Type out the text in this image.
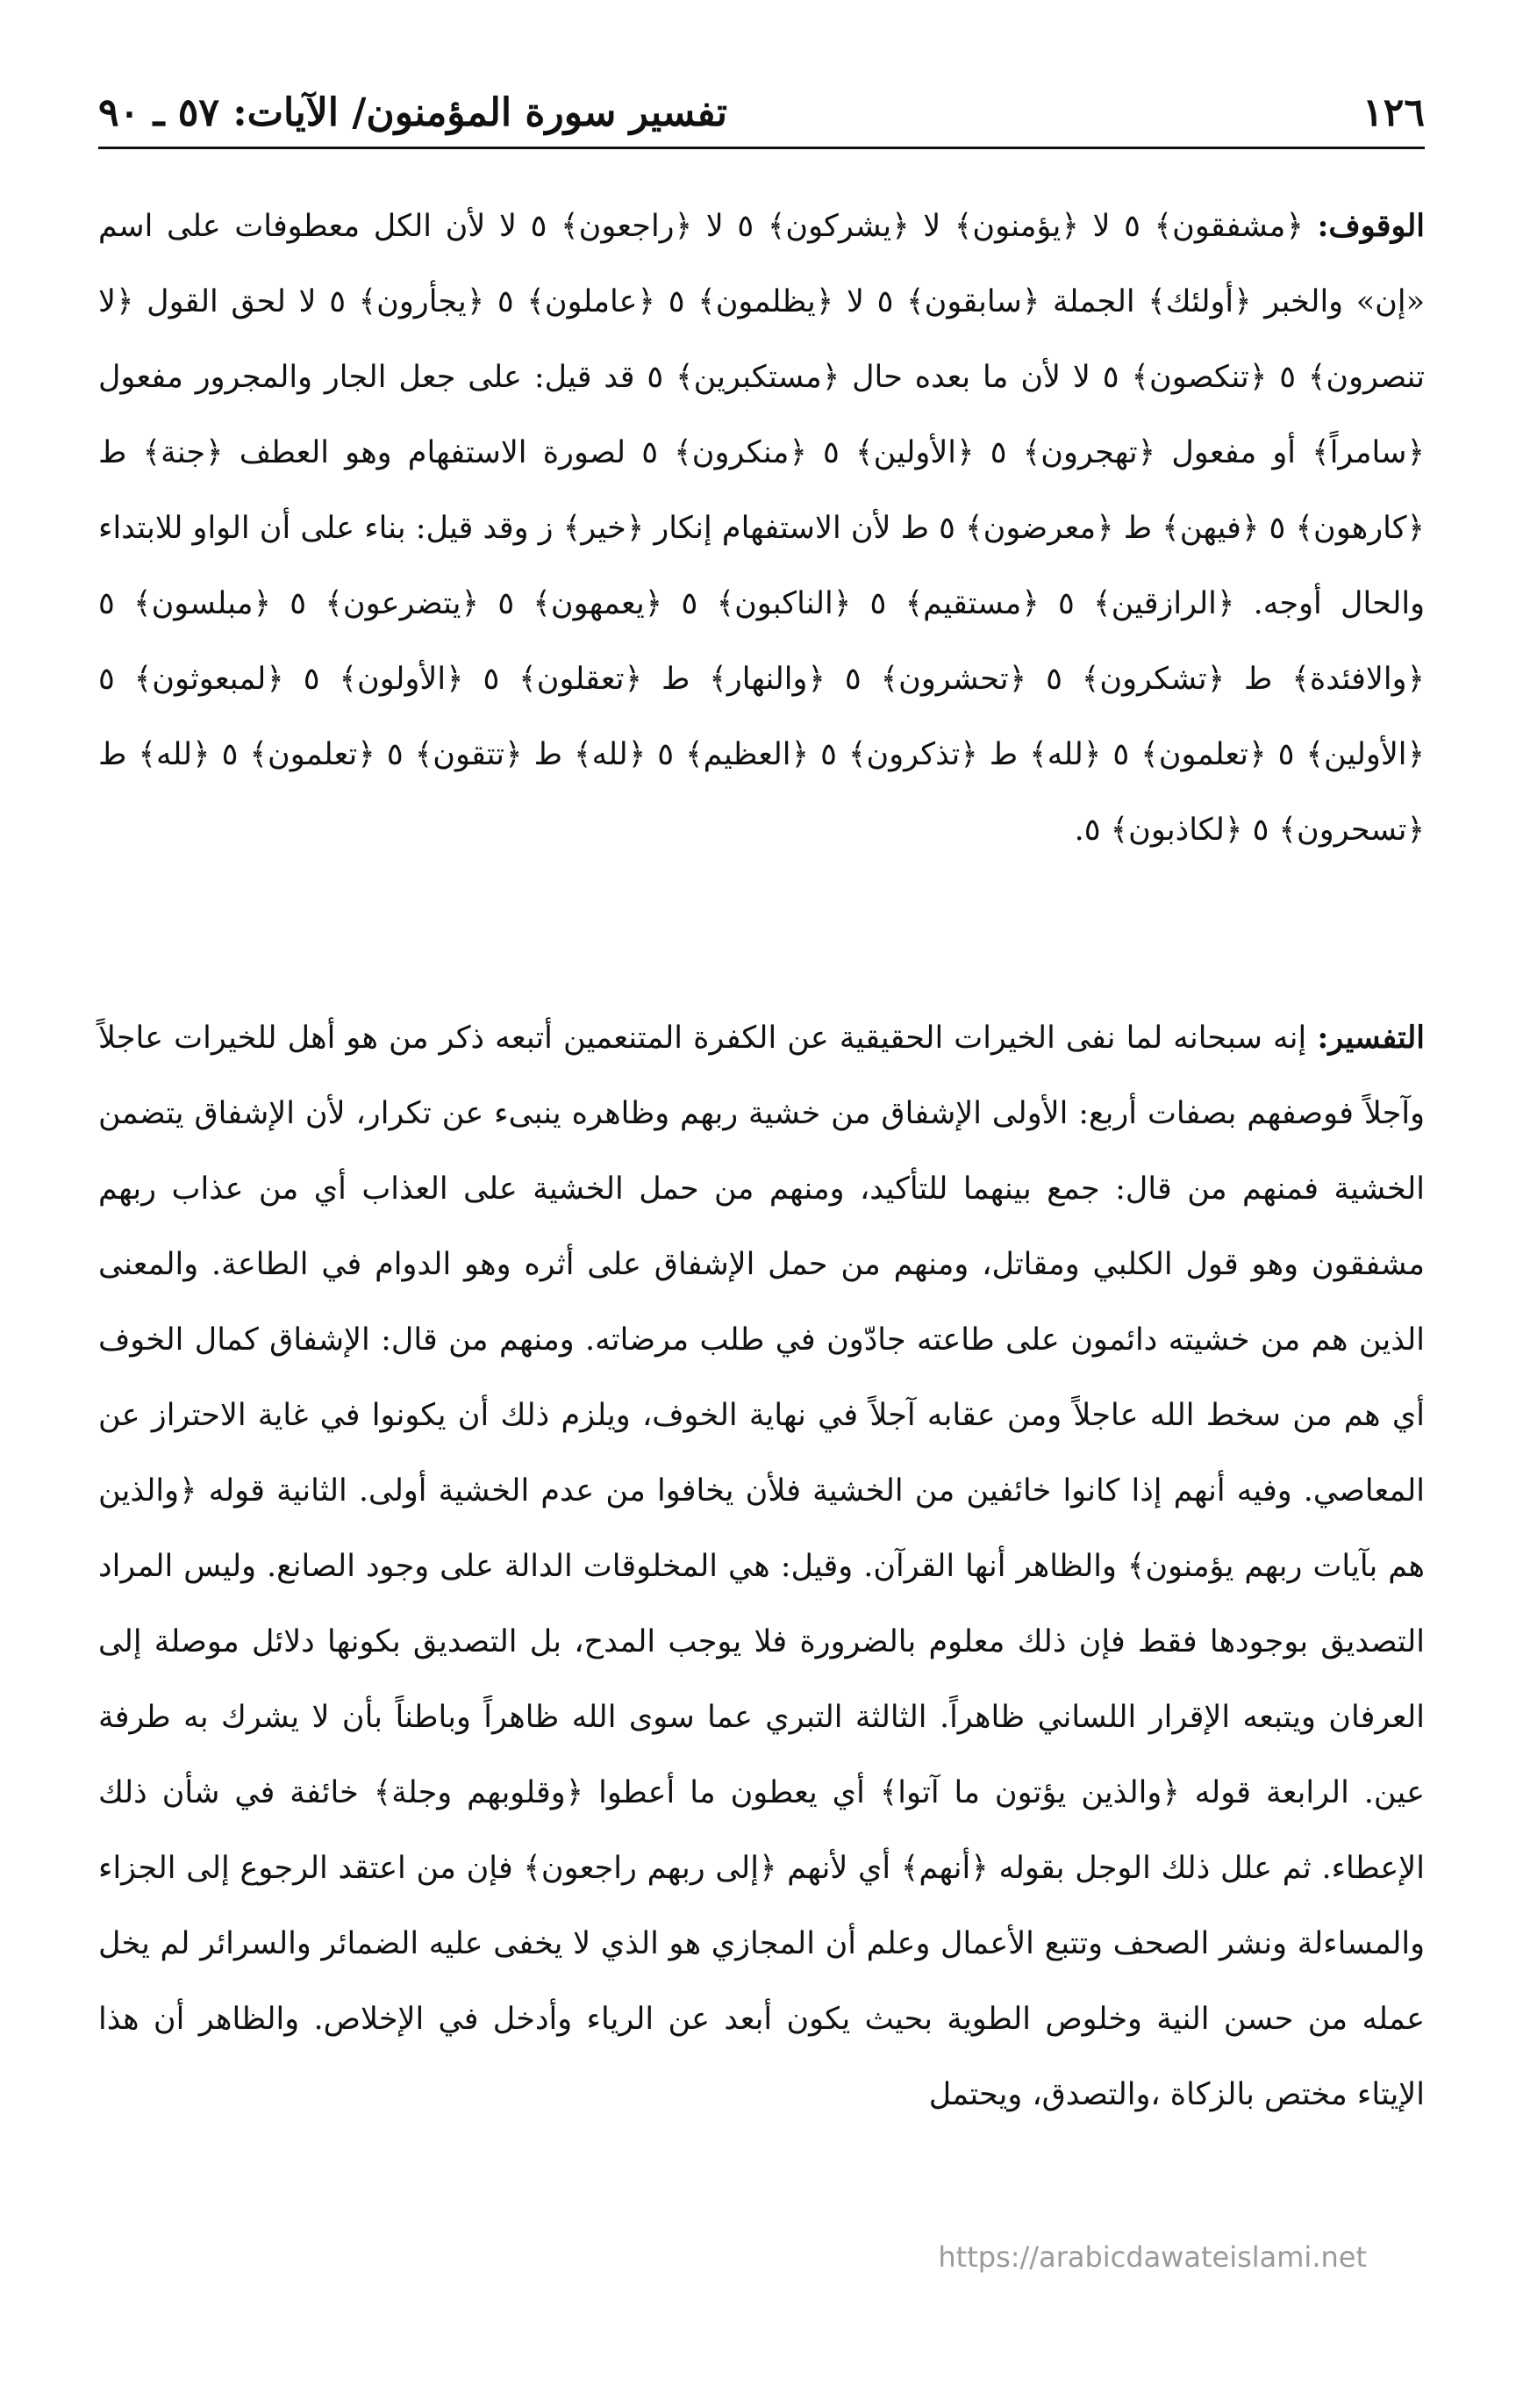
١٢٦
تفسير سورة المؤمنون/ الآيات: ٥٧ ـ ٩٠
الوقوف: ﴿مشفقون﴾ ٥ لا ﴿يؤمنون﴾ لا ﴿يشركون﴾ ٥ لا ﴿راجعون﴾ ٥ لا لأن الكل معطوفات على اسم «إن» والخبر ﴿أولئك﴾ الجملة ﴿سابقون﴾ ٥ لا ﴿يظلمون﴾ ٥ ﴿عاملون﴾ ٥ ﴿يجأرون﴾ ٥ لا لحق القول ﴿لا تنصرون﴾ ٥ ﴿تنكصون﴾ ٥ لا لأن ما بعده حال ﴿مستكبرين﴾ ٥ قد قيل: على جعل الجار والمجرور مفعول ﴿سامراً﴾ أو مفعول ﴿تهجرون﴾ ٥ ﴿الأولين﴾ ٥ ﴿منكرون﴾ ٥ لصورة الاستفهام وهو العطف ﴿جنة﴾ ط ﴿كارهون﴾ ٥ ﴿فيهن﴾ ط ﴿معرضون﴾ ٥ ط لأن الاستفهام إنكار ﴿خير﴾ ز وقد قيل: بناء على أن الواو للابتداء والحال أوجه. ﴿الرازقين﴾ ٥ ﴿مستقيم﴾ ٥ ﴿الناكبون﴾ ٥ ﴿يعمهون﴾ ٥ ﴿يتضرعون﴾ ٥ ﴿مبلسون﴾ ٥ ﴿والافئدة﴾ ط ﴿تشكرون﴾ ٥ ﴿تحشرون﴾ ٥ ﴿والنهار﴾ ط ﴿تعقلون﴾ ٥ ﴿الأولون﴾ ٥ ﴿لمبعوثون﴾ ٥ ﴿الأولين﴾ ٥ ﴿تعلمون﴾ ٥ ﴿لله﴾ ط ﴿تذكرون﴾ ٥ ﴿العظيم﴾ ٥ ﴿لله﴾ ط ﴿تتقون﴾ ٥ ﴿تعلمون﴾ ٥ ﴿لله﴾ ط ﴿تسحرون﴾ ٥ ﴿لكاذبون﴾ ٥.
التفسير: إنه سبحانه لما نفى الخيرات الحقيقية عن الكفرة المتنعمين أتبعه ذكر من هو أهل للخيرات عاجلاً وآجلاً فوصفهم بصفات أربع: الأولى الإشفاق من خشية ربهم وظاهره ينبىء عن تكرار، لأن الإشفاق يتضمن الخشية فمنهم من قال: جمع بينهما للتأكيد، ومنهم من حمل الخشية على العذاب أي من عذاب ربهم مشفقون وهو قول الكلبي ومقاتل، ومنهم من حمل الإشفاق على أثره وهو الدوام في الطاعة. والمعنى الذين هم من خشيته دائمون على طاعته جادّون في طلب مرضاته. ومنهم من قال: الإشفاق كمال الخوف أي هم من سخط الله عاجلاً ومن عقابه آجلاً في نهاية الخوف، ويلزم ذلك أن يكونوا في غاية الاحتراز عن المعاصي. وفيه أنهم إذا كانوا خائفين من الخشية فلأن يخافوا من عدم الخشية أولى. الثانية قوله ﴿والذين هم بآيات ربهم يؤمنون﴾ والظاهر أنها القرآن. وقيل: هي المخلوقات الدالة على وجود الصانع. وليس المراد التصديق بوجودها فقط فإن ذلك معلوم بالضرورة فلا يوجب المدح، بل التصديق بكونها دلائل موصلة إلى العرفان ويتبعه الإقرار اللساني ظاهراً. الثالثة التبري عما سوى الله ظاهراً وباطناً بأن لا يشرك به طرفة عين. الرابعة قوله ﴿والذين يؤتون ما آتوا﴾ أي يعطون ما أعطوا ﴿وقلوبهم وجلة﴾ خائفة في شأن ذلك الإعطاء. ثم علل ذلك الوجل بقوله ﴿أنهم﴾ أي لأنهم ﴿إلى ربهم راجعون﴾ فإن من اعتقد الرجوع إلى الجزاء والمساءلة ونشر الصحف وتتبع الأعمال وعلم أن المجازي هو الذي لا يخفى عليه الضمائر والسرائر لم يخل عمله من حسن النية وخلوص الطوية بحيث يكون أبعد عن الرياء وأدخل في الإخلاص. والظاهر أن هذا الإيتاء مختص بالزكاة ،والتصدق، ويحتمل
https://arabicdawateislami.net
